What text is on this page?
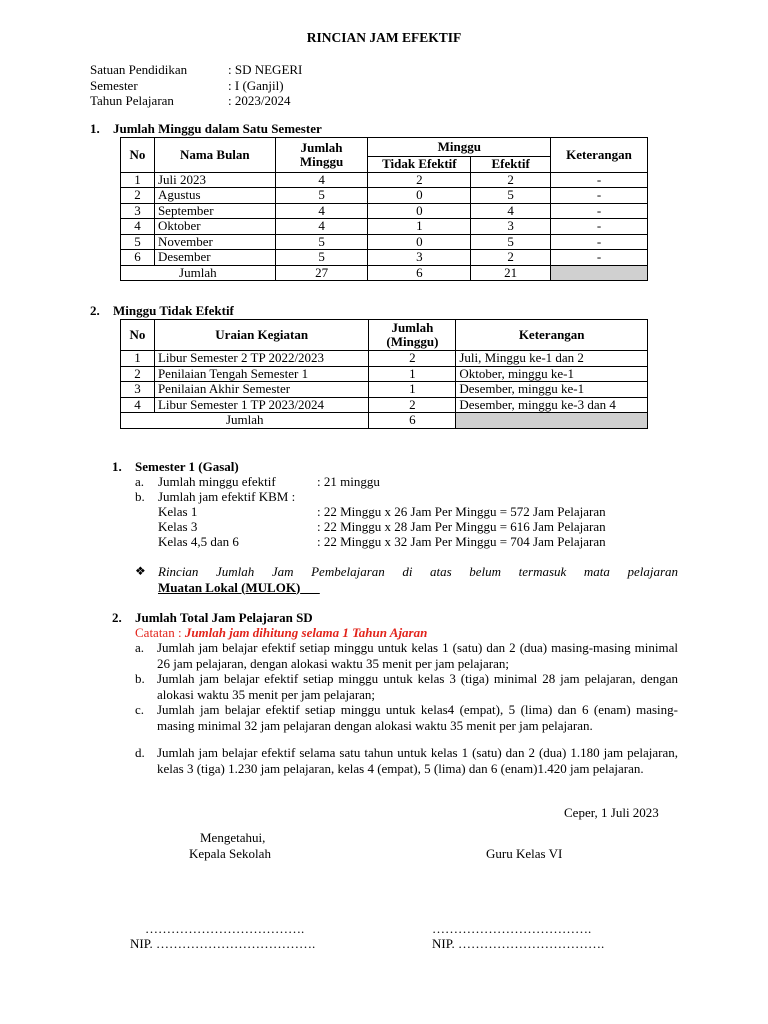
RINCIAN JAM EFEKTIF
Satuan Pendidikan	: SD NEGERI
Semester	: I (Ganjil)
Tahun Pelajaran	: 2023/2024
1. Jumlah Minggu dalam Satu Semester
No	Nama Bulan	Jumlah Minggu	Minggu		Keterangan
			Tidak Efektif	Efektif	
1	Juli 2023	4	2	2	-
2	Agustus	5	0	5	-
3	September	4	0	4	-
4	Oktober	4	1	3	-
5	November	5	0	5	-
6	Desember	5	3	2	-
Jumlah		27	6	21	
2. Minggu Tidak Efektif
No	Uraian Kegiatan	Jumlah (Minggu)	Keterangan
1	Libur Semester 2 TP 2022/2023	2	Juli, Minggu ke-1 dan 2
2	Penilaian Tengah Semester 1	1	Oktober, minggu ke-1
3	Penilaian Akhir Semester	1	Desember, minggu ke-1
4	Libur Semester 1 TP 2023/2024	2	Desember, minggu ke-3 dan 4
Jumlah		6	
1. Semester 1 (Gasal)
a. Jumlah minggu efektif	: 21 minggu
b. Jumlah jam efektif KBM :
Kelas 1	: 22 Minggu x 26 Jam Per Minggu = 572 Jam Pelajaran
Kelas 3	: 22 Minggu x 28 Jam Per Minggu = 616 Jam Pelajaran
Kelas 4,5 dan 6	: 22 Minggu x 32 Jam Per Minggu = 704 Jam Pelajaran
❖ Rincian Jumlah Jam Pembelajaran di atas belum termasuk mata pelajaran Muatan Lokal (MULOK)
2. Jumlah Total Jam Pelajaran SD
Catatan : Jumlah jam dihitung selama 1 Tahun Ajaran
a. Jumlah jam belajar efektif setiap minggu untuk kelas 1 (satu) dan 2 (dua) masing-masing minimal 26 jam pelajaran, dengan alokasi waktu 35 menit per jam pelajaran;
b. Jumlah jam belajar efektif setiap minggu untuk kelas 3 (tiga) minimal 28 jam pelajaran, dengan alokasi waktu 35 menit per jam pelajaran;
c. Jumlah jam belajar efektif setiap minggu untuk kelas4 (empat), 5 (lima) dan 6 (enam) masing-masing minimal 32 jam pelajaran dengan alokasi waktu 35 menit per jam pelajaran.
d. Jumlah jam belajar efektif selama satu tahun untuk kelas 1 (satu) dan 2 (dua) 1.180 jam pelajaran, kelas 3 (tiga) 1.230 jam pelajaran, kelas 4 (empat), 5 (lima) dan 6 (enam)1.420 jam pelajaran.
Ceper, 1 Juli 2023
Mengetahui,
Kepala Sekolah	Guru Kelas VI
……………………………….
NIP. ……………………………….
……………………………….
NIP. …………………………….
